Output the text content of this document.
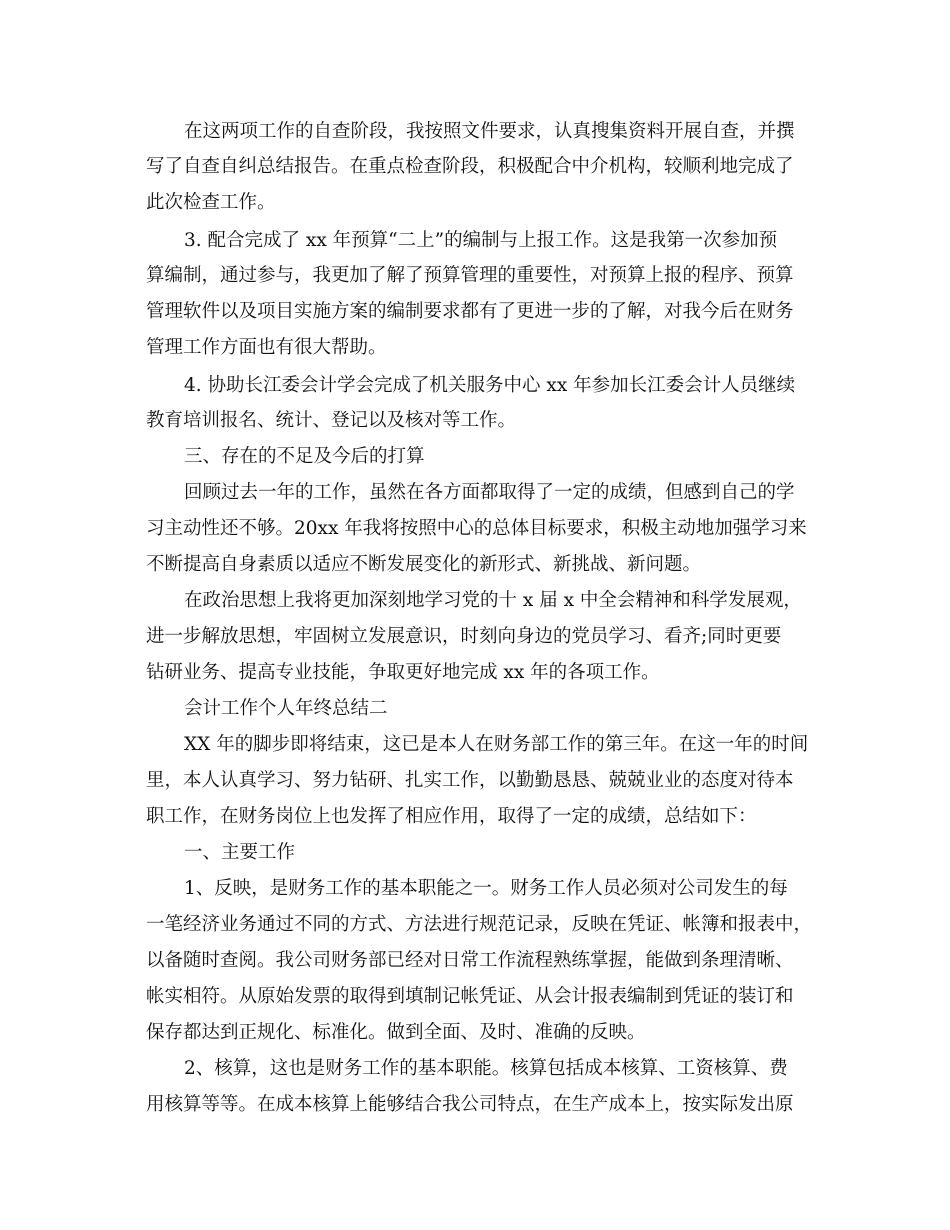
在这两项工作的自查阶段，我按照文件要求，认真搜集资料开展自查，并撰
写了自查自纠总结报告。在重点检查阶段，积极配合中介机构，较顺利地完成了
此次检查工作。
3. 配合完成了 xx 年预算“二上”的编制与上报工作。这是我第一次参加预
算编制，通过参与，我更加了解了预算管理的重要性，对预算上报的程序、预算
管理软件以及项目实施方案的编制要求都有了更进一步的了解，对我今后在财务
管理工作方面也有很大帮助。
4. 协助长江委会计学会完成了机关服务中心 xx 年参加长江委会计人员继续
教育培训报名、统计、登记以及核对等工作。
三、存在的不足及今后的打算
回顾过去一年的工作，虽然在各方面都取得了一定的成绩，但感到自己的学
习主动性还不够。20xx 年我将按照中心的总体目标要求，积极主动地加强学习来
不断提高自身素质以适应不断发展变化的新形式、新挑战、新问题。
在政治思想上我将更加深刻地学习党的十 x 届 x 中全会精神和科学发展观，
进一步解放思想，牢固树立发展意识，时刻向身边的党员学习、看齐;同时更要
钻研业务、提高专业技能，争取更好地完成 xx 年的各项工作。
会计工作个人年终总结二
XX 年的脚步即将结束，这已是本人在财务部工作的第三年。在这一年的时间
里，本人认真学习、努力钻研、扎实工作，以勤勤恳恳、兢兢业业的态度对待本
职工作，在财务岗位上也发挥了相应作用，取得了一定的成绩，总结如下：
一、主要工作
1、反映，是财务工作的基本职能之一。财务工作人员必须对公司发生的每
一笔经济业务通过不同的方式、方法进行规范记录，反映在凭证、帐簿和报表中，
以备随时查阅。我公司财务部已经对日常工作流程熟练掌握，能做到条理清晰、
帐实相符。从原始发票的取得到填制记帐凭证、从会计报表编制到凭证的装订和
保存都达到正规化、标准化。做到全面、及时、准确的反映。
2、核算，这也是财务工作的基本职能。核算包括成本核算、工资核算、费
用核算等等。在成本核算上能够结合我公司特点，在生产成本上，按实际发出原
